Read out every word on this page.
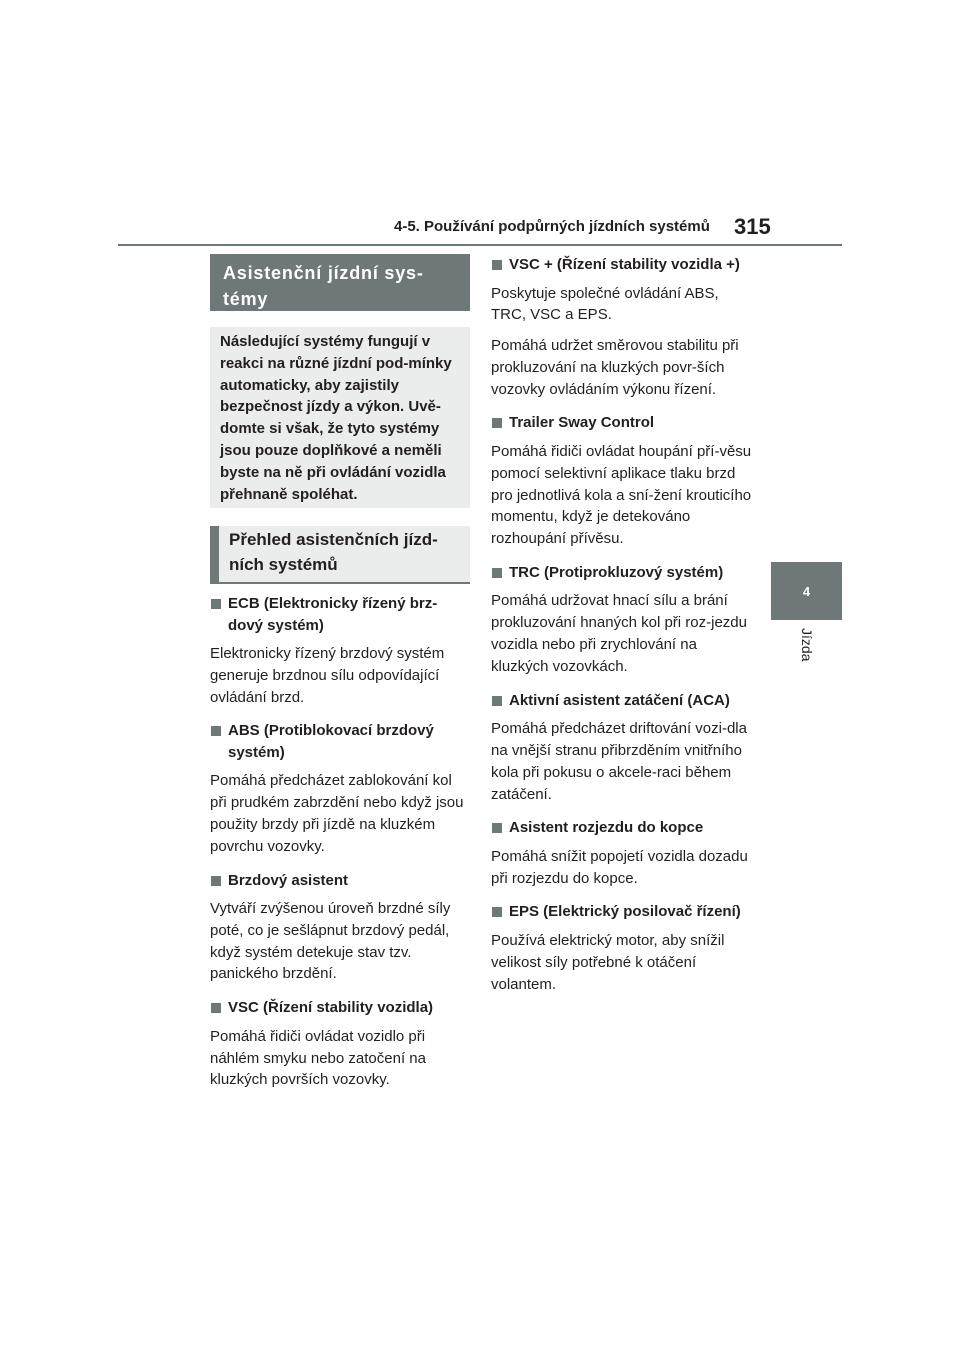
4-5. Používání podpůrných jízdních systémů 315
4
Jízda
Asistenční jízdní sys-
témy
Následující systémy fungují v reakci na různé jízdní pod-mínky automaticky, aby zajistily bezpečnost jízdy a výkon. Uvě-domte si však, že tyto systémy jsou pouze doplňkové a neměli byste na ně při ovládání vozidla přehnaně spoléhat.
Přehled asistenčních jízd-
ních systémů
ECB (Elektronicky řízený brz-dový systém)

Elektronicky řízený brzdový systém generuje brzdnou sílu odpovídající ovládání brzd.

ABS (Protiblokovací brzdový systém)

Pomáhá předcházet zablokování kol při prudkém zabrzdění nebo když jsou použity brzdy při jízdě na kluzkém povrchu vozovky.

Brzdový asistent

Vytváří zvýšenou úroveň brzdné síly poté, co je sešlápnut brzdový pedál, když systém detekuje stav tzv. panického brzdění.

VSC (Řízení stability vozidla)

Pomáhá řidiči ovládat vozidlo při náhlém smyku nebo zatočení na kluzkých površích vozovky.

VSC + (Řízení stability vozidla +)

Poskytuje společné ovládání ABS, TRC, VSC a EPS.

Pomáhá udržet směrovou stabilitu při prokluzování na kluzkých povr-ších vozovky ovládáním výkonu řízení.

Trailer Sway Control

Pomáhá řidiči ovládat houpání pří-věsu pomocí selektivní aplikace tlaku brzd pro jednotlivá kola a sní-žení krouticího momentu, když je detekováno rozhoupání přívěsu.

TRC (Protiprokluzový systém)

Pomáhá udržovat hnací sílu a brání prokluzování hnaných kol při roz-jezdu vozidla nebo při zrychlování na kluzkých vozovkách.

Aktivní asistent zatáčení (ACA)

Pomáhá předcházet driftování vozi-dla na vnější stranu přibrzděním vnitřního kola při pokusu o akcele-raci během zatáčení.

Asistent rozjezdu do kopce

Pomáhá snížit popojetí vozidla dozadu při rozjezdu do kopce.

EPS (Elektrický posilovač řízení)

Používá elektrický motor, aby snížil velikost síly potřebné k otáčení volantem.
